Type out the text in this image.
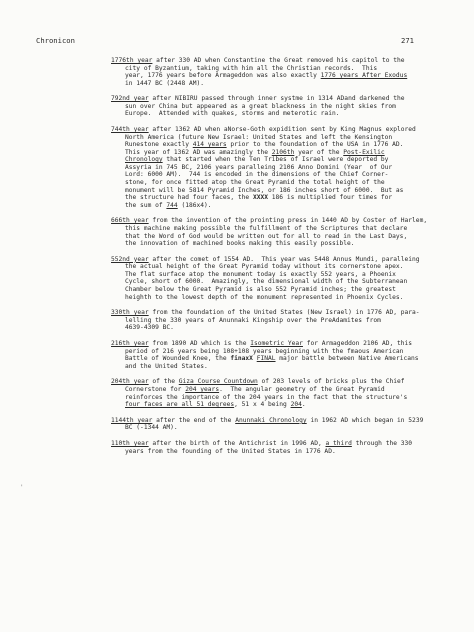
Chronicon	271
'
1776th year after 330 AD when Constantine the Great removed his capitol to the
city of Byzantium, taking with him all the Christian records.  This
year, 1776 years before Armageddon was also exactly 1776 years After Exodus
in 1447 BC (2448 AM).
792nd year after NIBIRU passed through inner systme in 1314 ADand darkened the
sun over China but appeared as a great blackness in the night skies from
Europe.  Attended with quakes, storms and meterotic rain.
744th year after 1362 AD when aNorse-Goth expidition sent by King Magnus explored
North America (future New Israel: United States and left the Kensington
Runestone exactly 414 years prior to the foundation of the USA in 1776 AD.
This year of 1362 AD was amazingly the 2106th year of the Post-Exilic
Chronology that started when the Ten Tribes of Israel were deported by
Assyria in 745 BC, 2106 years paralleing 2106 Anno Domini (Year  of Our
Lord: 6000 AM).  744 is encoded in the dimensions of the Chief Corner-
stone, for once fitted atop the Great Pyramid the total height of the
monument will be 5814 Pyramid Inches, or 186 inches short of 6000.  But as
the structure had four faces, the XXXX 186 is multiplied four times for
the sum of 744 (186x4).
666th year from the invention of the prointing press in 1440 AD by Coster of Harlem,
this machine making possible the fulfillment of the Scriptures that declare
that the Word of God would be written out for all to read in the Last Days,
the innovation of machined books making this easily possible.
552nd year after the comet of 1554 AD.  This year was 5448 Annus Mundi, paralleing
the actual height of the Great Pyramid today without its cornerstone apex.
The flat surface atop the monument today is exactly 552 years, a Phoenix
Cycle, short of 6000.  Amazingly, the dimensional width of the Subterranean
Chamber below the Great Pyramid is also 552 Pyramid inches; the greatest
heighth to the lowest depth of the monument represented in Phoenix Cycles.
330th year from the foundation of the United States (New Israel) in 1776 AD, para-
lelling the 330 years of Anunnaki Kingship over the PreAdamites from
4639-4309 BC.
216th year from 1890 AD which is the Isometric Year for Armageddon 2106 AD, this
period of 216 years being 108+108 years beginning with the fmaous American
Battle of Wounded Knee, the finaxX FINAL major battle between Native Americans
and the United States.
204th year of the Giza Course Countdown of 203 levels of bricks plus the Chief
Cornerstone for 204 years.  The angular geometry of the Great Pyramid
reinforces the importance of the 204 years in the fact that the structure's
four faces are all 51 degrees, 51 x 4 being 204.
1144th year after the end of the Anunnaki Chronology in 1962 AD which began in 5239
BC (-1344 AM).
110th year after the birth of the Antichrist in 1996 AD, a third through the 330
years from the founding of the United States in 1776 AD.
